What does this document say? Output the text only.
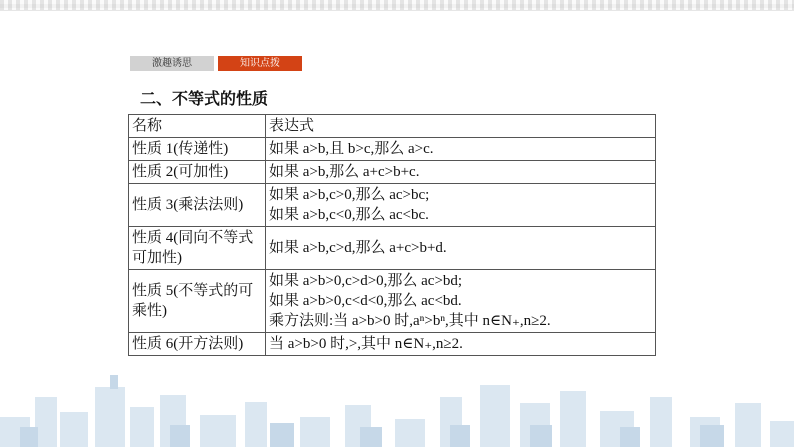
激趣诱思	知识点拨
二、不等式的性质
名称	表达式
性质 1(传递性)	如果 a>b,且 b>c,那么 a>c.

性质 2(可加性)	如果 a>b,那么 a+c>b+c.

性质 3(乘法法则)	如果 a>b,c>0,那么 ac>bc;
如果 a>b,c<0,那么 ac<bc.

性质 4(同向不等式可加性)	如果 a>b,c>d,那么 a+c>b+d.

性质 5(不等式的可乘性)	如果 a>b>0,c>d>0,那么 ac>bd;
如果 a>b>0,c<d<0,那么 ac<bd.
乘方法则:当 a>b>0 时,aⁿ>bⁿ,其中 n∈N₊,n≥2.

性质 6(开方法则)	当 a>b>0 时,>,其中 n∈N₊,n≥2.
